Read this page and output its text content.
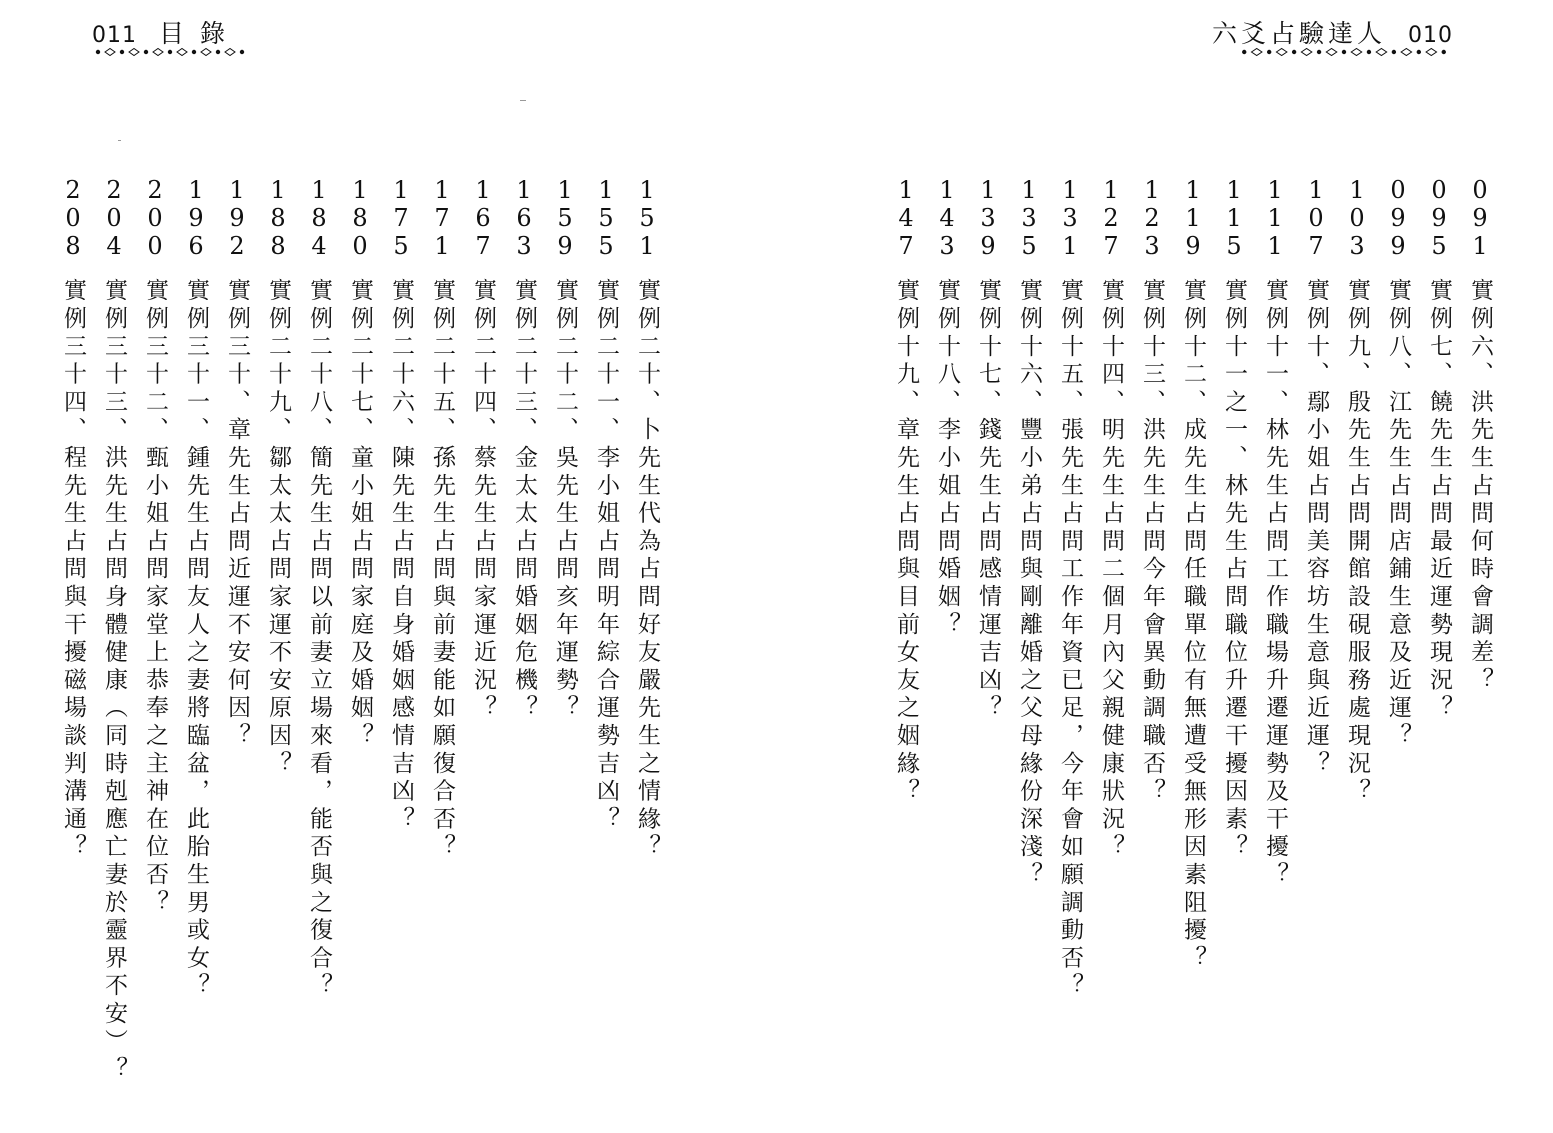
011 目 錄	六爻占驗達人 010
151
實例二十、卜先生代為占問好友嚴先生之情緣？
155
實例二十一、李小姐占問明年綜合運勢吉凶？
159
實例二十二、吳先生占問亥年運勢？
163
實例二十三、金太太占問婚姻危機？
167
實例二十四、蔡先生占問家運近況？
171
實例二十五、孫先生占問與前妻能如願復合否？
175
實例二十六、陳先生占問自身婚姻感情吉凶？
180
實例二十七、童小姐占問家庭及婚姻？
184
實例二十八、簡先生占問以前妻立場來看，能否與之復合？
188
實例二十九、鄒太太占問家運不安原因？
192
實例三十、章先生占問近運不安何因？
196
實例三十一、鍾先生占問友人之妻將臨盆，此胎生男或女？
200
實例三十二、甄小姐占問家堂上恭奉之主神在位否？
204
實例三十三、洪先生占問身體健康（同時剋應亡妻於靈界不安）？
208
實例三十四、程先生占問與干擾磁場談判溝通？
091
實例六、洪先生占問何時會調差？
095
實例七、饒先生占問最近運勢現況？
099
實例八、江先生占問店鋪生意及近運？
103
實例九、殷先生占問開館設硯服務處現況？
107
實例十、鄢小姐占問美容坊生意與近運？
111
實例十一、林先生占問工作職場升遷運勢及干擾？
115
實例十一之一、林先生占問職位升遷干擾因素？
119
實例十二、成先生占問任職單位有無遭受無形因素阻擾？
123
實例十三、洪先生占問今年會異動調職否？
127
實例十四、明先生占問二個月內父親健康狀況？
131
實例十五、張先生占問工作年資已足，今年會如願調動否？
135
實例十六、豐小弟占問與剛離婚之父母緣份深淺？
139
實例十七、錢先生占問感情運吉凶？
143
實例十八、李小姐占問婚姻？
147
實例十九、章先生占問與目前女友之姻緣？
